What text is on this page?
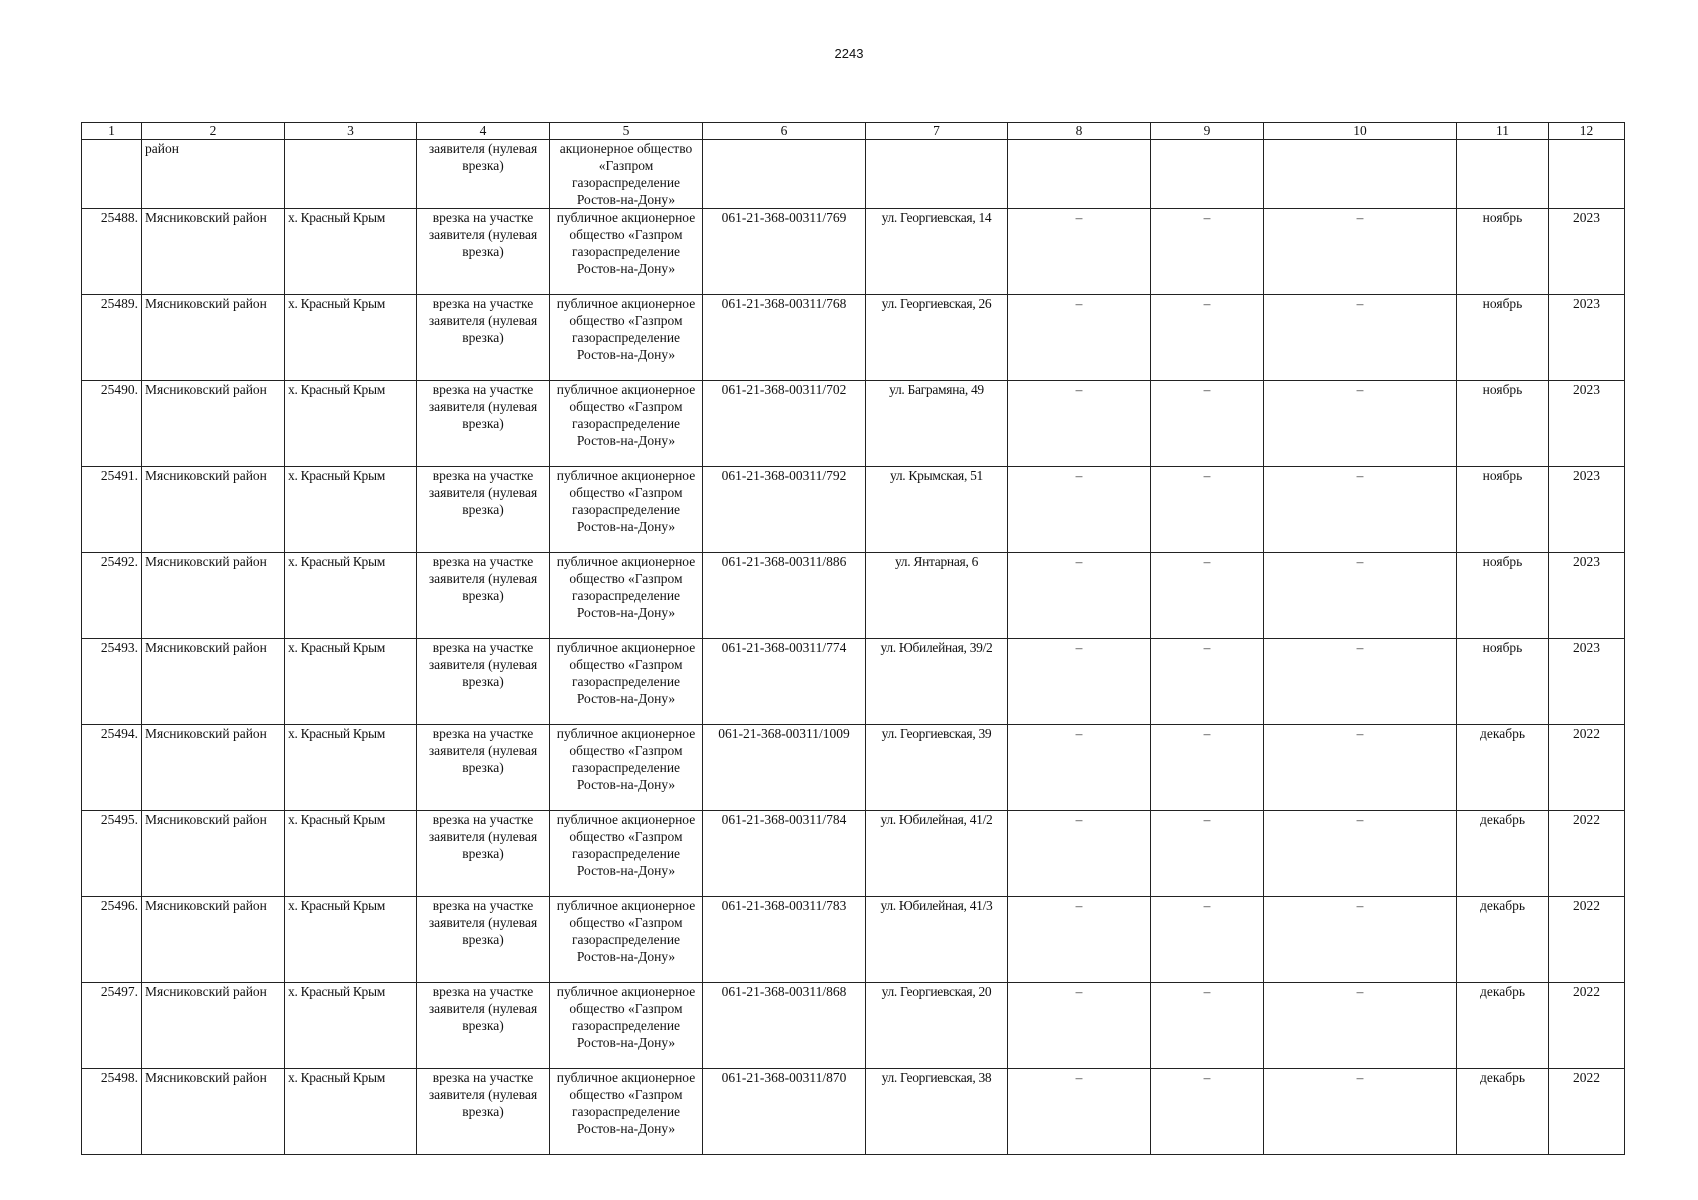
2243
1	2	3	4	5	6	7	8	9	10	11	12
	район		заявителя (нулевая врезка)	акционерное общество «Газпром газораспределение Ростов-на-Дону»							
25488.	Мясниковский район	х. Красный Крым	врезка на участке заявителя (нулевая врезка)	публичное акционерное общество «Газпром газораспределение Ростов-на-Дону»	061-21-368-00311/769	ул. Георгиевская, 14	–	–	–	ноябрь	2023
25489.	Мясниковский район	х. Красный Крым	врезка на участке заявителя (нулевая врезка)	публичное акционерное общество «Газпром газораспределение Ростов-на-Дону»	061-21-368-00311/768	ул. Георгиевская, 26	–	–	–	ноябрь	2023
25490.	Мясниковский район	х. Красный Крым	врезка на участке заявителя (нулевая врезка)	публичное акционерное общество «Газпром газораспределение Ростов-на-Дону»	061-21-368-00311/702	ул. Баграмяна, 49	–	–	–	ноябрь	2023
25491.	Мясниковский район	х. Красный Крым	врезка на участке заявителя (нулевая врезка)	публичное акционерное общество «Газпром газораспределение Ростов-на-Дону»	061-21-368-00311/792	ул. Крымская, 51	–	–	–	ноябрь	2023
25492.	Мясниковский район	х. Красный Крым	врезка на участке заявителя (нулевая врезка)	публичное акционерное общество «Газпром газораспределение Ростов-на-Дону»	061-21-368-00311/886	ул. Янтарная, 6	–	–	–	ноябрь	2023
25493.	Мясниковский район	х. Красный Крым	врезка на участке заявителя (нулевая врезка)	публичное акционерное общество «Газпром газораспределение Ростов-на-Дону»	061-21-368-00311/774	ул. Юбилейная, 39/2	–	–	–	ноябрь	2023
25494.	Мясниковский район	х. Красный Крым	врезка на участке заявителя (нулевая врезка)	публичное акционерное общество «Газпром газораспределение Ростов-на-Дону»	061-21-368-00311/1009	ул. Георгиевская, 39	–	–	–	декабрь	2022
25495.	Мясниковский район	х. Красный Крым	врезка на участке заявителя (нулевая врезка)	публичное акционерное общество «Газпром газораспределение Ростов-на-Дону»	061-21-368-00311/784	ул. Юбилейная, 41/2	–	–	–	декабрь	2022
25496.	Мясниковский район	х. Красный Крым	врезка на участке заявителя (нулевая врезка)	публичное акционерное общество «Газпром газораспределение Ростов-на-Дону»	061-21-368-00311/783	ул. Юбилейная, 41/3	–	–	–	декабрь	2022
25497.	Мясниковский район	х. Красный Крым	врезка на участке заявителя (нулевая врезка)	публичное акционерное общество «Газпром газораспределение Ростов-на-Дону»	061-21-368-00311/868	ул. Георгиевская, 20	–	–	–	декабрь	2022
25498.	Мясниковский район	х. Красный Крым	врезка на участке заявителя (нулевая врезка)	публичное акционерное общество «Газпром газораспределение Ростов-на-Дону»	061-21-368-00311/870	ул. Георгиевская, 38	–	–	–	декабрь	2022
